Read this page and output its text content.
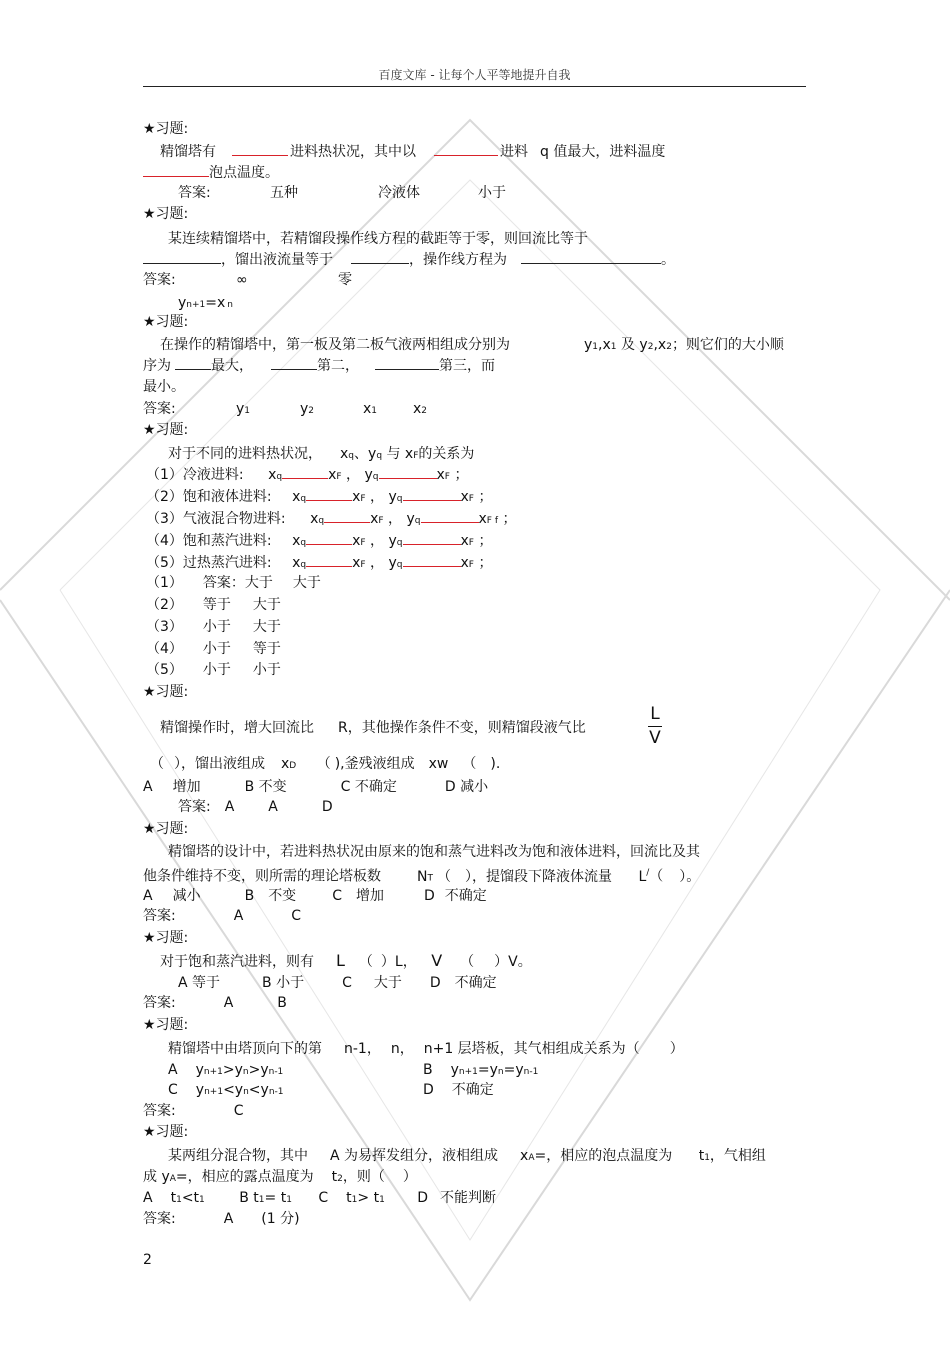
百度文库 - 让每个人平等地提升自我
★习题:
精馏塔有	进料热状况，其中以	进料 q 值最大，进料温度
泡点温度。
答案:	五种	冷液体	小于
★习题:
某连续精馏塔中，若精馏段操作线方程的截距等于零，则回流比等于
，馏出液流量等于	，操作线方程为	。
答案:	∞	零
yn+1=x n
★习题:
在操作的精馏塔中，第一板及第二板气液两相组成分别为	y1,x1 及 y2,x2；则它们的大小顺
序为	最大，	第二，	第三，而
最小。
答案:	y1	y2	x1	x2
★习题:
对于不同的进料热状况， xq、yq 与 xF的关系为
（1）冷液进料: xq	xF ， yq	xF ；
（2）饱和液体进料: xq	xF ， yq	xF ；
（3）气液混合物进料: xq	xF ， yq	xF f ；
（4）饱和蒸汽进料: xq	xF ， yq	xF ；
（5）过热蒸汽进料: xq	xF ， yq	xF ；
（1） 答案：大于 大于
（2） 等于 大于
（3） 小于 大于
（4） 小于 等于
（5） 小于 小于
★习题:
精馏操作时，增大回流比 R，其他操作条件不变，则精馏段液气比
L
V
（ ），馏出液组成 xD （ ),釜残液组成 xw （ ).
A 增加	B 不变	C 不确定	D 减小
答案: A A	D
★习题:
精馏塔的设计中，若进料热状况由原来的饱和蒸气进料改为饱和液体进料，回流比及其
他条件维持不变，则所需的理论塔板数	NT （ ），提馏段下降液体流量 L/（ ）。
A 减小	B 不变	C 增加	D 不确定
答案:	A	C
★习题:
对于饱和蒸汽进料，则有 L （ ）L， V （ ）V。
A 等于	B 小于	C 大于 D 不确定
答案:	A	B
★习题:
精馏塔中由塔顶向下的第 n-1， n， n+1 层塔板，其气相组成关系为（ ）
A yn+1>yn>yn-1	B yn+1=yn=yn-1
C yn+1<yn<yn-1	D 不确定
答案:	C
★习题:
某两组分混合物，其中 A 为易挥发组分，液相组成 xA=，相应的泡点温度为 t1，气相组
成 yA=，相应的露点温度为 t2，则（ ）
A t1<t1 B t1= t1 C t1> t1 D 不能判断
答案:	A (1 分)
2
